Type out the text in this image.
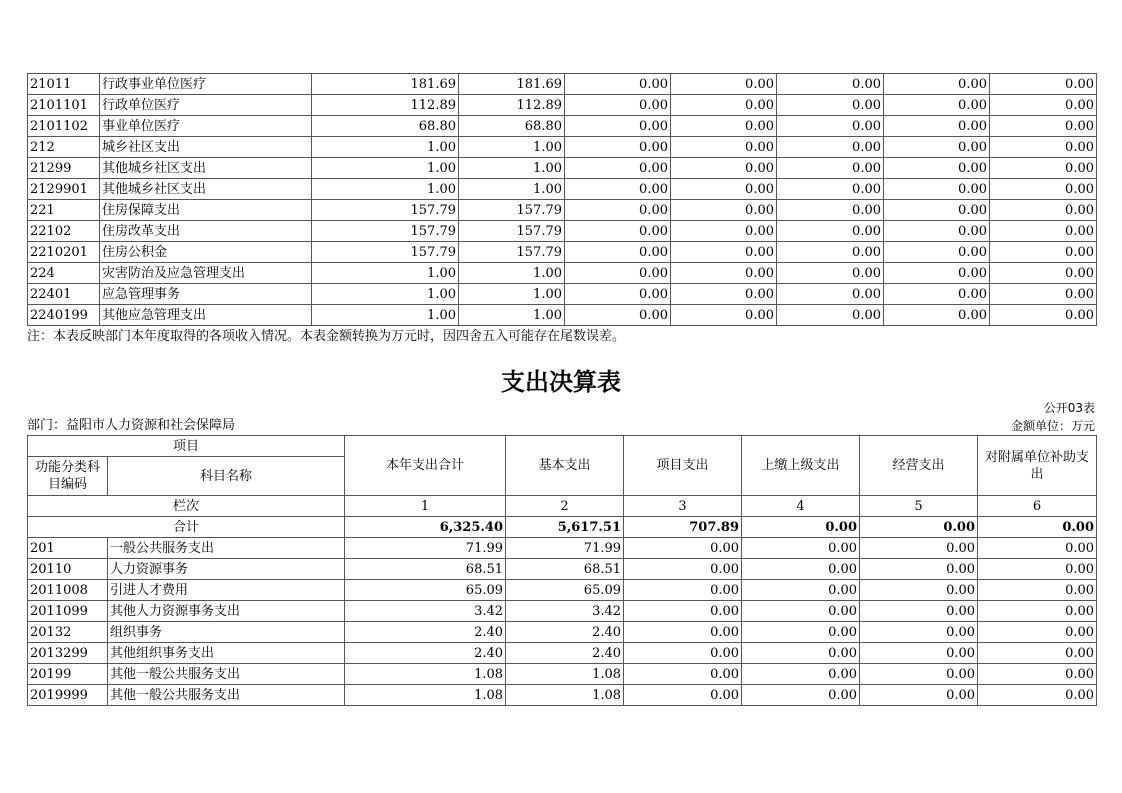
21011	行政事业单位医疗	181.69	181.69	0.00	0.00	0.00	0.00	0.00
2101101	行政单位医疗	112.89	112.89	0.00	0.00	0.00	0.00	0.00
2101102	事业单位医疗	68.80	68.80	0.00	0.00	0.00	0.00	0.00
212	城乡社区支出	1.00	1.00	0.00	0.00	0.00	0.00	0.00
21299	其他城乡社区支出	1.00	1.00	0.00	0.00	0.00	0.00	0.00
2129901	其他城乡社区支出	1.00	1.00	0.00	0.00	0.00	0.00	0.00
221	住房保障支出	157.79	157.79	0.00	0.00	0.00	0.00	0.00
22102	住房改革支出	157.79	157.79	0.00	0.00	0.00	0.00	0.00
2210201	住房公积金	157.79	157.79	0.00	0.00	0.00	0.00	0.00
224	灾害防治及应急管理支出	1.00	1.00	0.00	0.00	0.00	0.00	0.00
22401	应急管理事务	1.00	1.00	0.00	0.00	0.00	0.00	0.00
2240199	其他应急管理支出	1.00	1.00	0.00	0.00	0.00	0.00	0.00
注：本表反映部门本年度取得的各项收入情况。本表金额转换为万元时，因四舍五入可能存在尾数误差。
支出决算表
公开03表
部门：益阳市人力资源和社会保障局	金额单位：万元
项目		本年支出合计	基本支出	项目支出	上缴上级支出	经营支出	对附属单位补助支出
功能分类科目编码	科目名称						
栏次		1	2	3	4	5	6
合计		6,325.40	5,617.51	707.89	0.00	0.00	0.00
201	一般公共服务支出	71.99	71.99	0.00	0.00	0.00	0.00
20110	人力资源事务	68.51	68.51	0.00	0.00	0.00	0.00
2011008	引进人才费用	65.09	65.09	0.00	0.00	0.00	0.00
2011099	其他人力资源事务支出	3.42	3.42	0.00	0.00	0.00	0.00
20132	组织事务	2.40	2.40	0.00	0.00	0.00	0.00
2013299	其他组织事务支出	2.40	2.40	0.00	0.00	0.00	0.00
20199	其他一般公共服务支出	1.08	1.08	0.00	0.00	0.00	0.00
2019999	其他一般公共服务支出	1.08	1.08	0.00	0.00	0.00	0.00
